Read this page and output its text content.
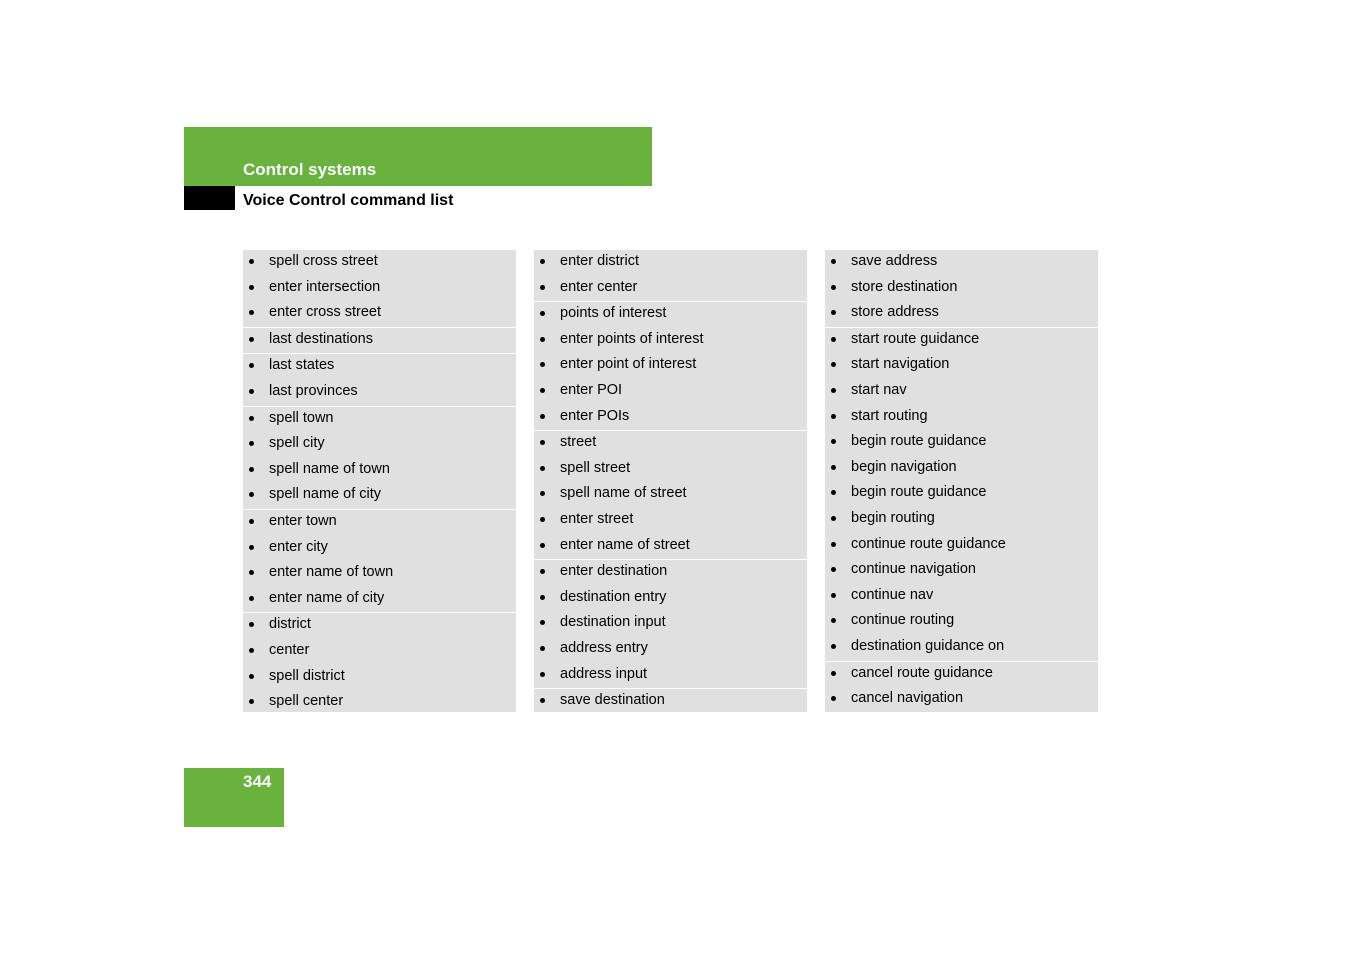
Control systems
Voice Control command list
spell cross street
enter intersection
enter cross street
last destinations
last states
last provinces
spell town
spell city
spell name of town
spell name of city
enter town
enter city
enter name of town
enter name of city
district
center
spell district
spell center
enter district
enter center
points of interest
enter points of interest
enter point of interest
enter POI
enter POIs
street
spell street
spell name of street
enter street
enter name of street
enter destination
destination entry
destination input
address entry
address input
save destination
save address
store destination
store address
start route guidance
start navigation
start nav
start routing
begin route guidance
begin navigation
begin route guidance
begin routing
continue route guidance
continue navigation
continue nav
continue routing
destination guidance on
cancel route guidance
cancel navigation
344
